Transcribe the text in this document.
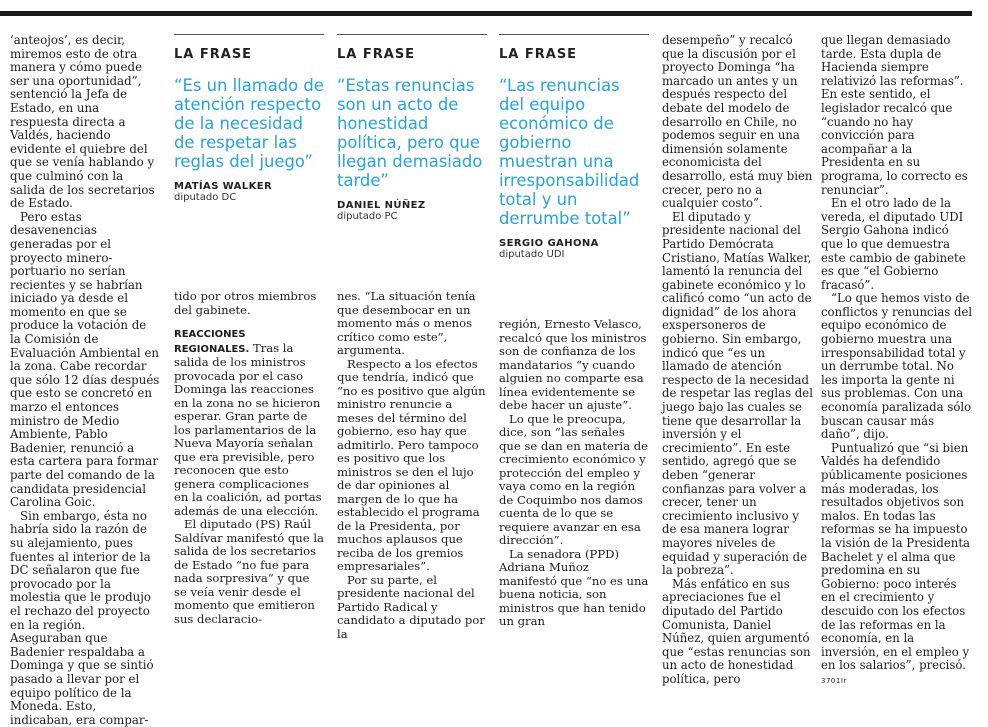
‘anteojos’, es decir, miremos esto de otra manera y cómo puede ser una oportunidad”, sentenció la Jefa de Estado, en una respuesta directa a Valdés, haciendo evidente el quiebre del que se venía hablando y que culminó con la salida de los secretarios de Estado.

Pero estas desavenencias generadas por el proyecto minero-portuario no serían recientes y se habrían iniciado ya desde el momento en que se produce la votación de la Comisión de Evaluación Ambiental en la zona. Cabe recordar que sólo 12 días después que esto se concretó en marzo el entonces ministro de Medio Ambiente, Pablo Badenier, renunció a esta cartera para formar parte del comando de la candidata presidencial Carolina Goic.

Sin embargo, ésta no habría sido la razón de su alejamiento, pues fuentes al interior de la DC señalaron que fue provocado por la molestia que le produjo el rechazo del proyecto en la región. Aseguraban que Badenier respaldaba a Dominga y que se sintió pasado a llevar por el equipo político de la Moneda. Esto, indicaban, era compar-

LA FRASE
“Es un llamado de atención respecto de la necesidad de respetar las reglas del juego”
MATÍAS WALKER
diputado DC
LA FRASE
“Estas renuncias son un acto de honestidad política, pero que llegan demasiado tarde”
DANIEL NÚÑEZ
diputado PC
LA FRASE
“Las renuncias del equipo económico de gobierno muestran una irresponsabilidad total y un derrumbe total”
SERGIO GAHONA
diputado UDI

tido por otros miembros del gabinete.

REACCIONES REGIONALES. Tras la salida de los ministros provocada por el caso Dominga las reacciones en la zona no se hicieron esperar. Gran parte de los parlamentarios de la Nueva Mayoría señalan que era previsible, pero reconocen que esto genera complicaciones en la coalición, ad portas además de una elección.

El diputado (PS) Raúl Saldívar manifestó que la salida de los secretarios de Estado “no fue para nada sorpresiva” y que se veía venir desde el momento que emitieron sus declaracio-

nes. “La situación tenía que desembocar en un momento más o menos crítico como este”, argumenta.

Respecto a los efectos que tendría, indicó que “no es positivo que algún ministro renuncie a meses del término del gobierno, eso hay que admitirlo. Pero tampoco es positivo que los ministros se den el lujo de dar opiniones al margen de lo que ha establecido el programa de la Presidenta, por muchos aplausos que reciba de los gremios empresariales”.

Por su parte, el presidente nacional del Partido Radical y candidato a diputado por la

región, Ernesto Velasco, recalcó que los ministros son de confianza de los mandatarios “y cuando alguien no comparte esa línea evidentemente se debe hacer un ajuste”.

Lo que le preocupa, dice, son “las señales que se dan en materia de crecimiento económico y protección del empleo y vaya como en la región de Coquimbo nos damos cuenta de lo que se requiere avanzar en esa dirección”.

La senadora (PPD) Adriana Muñoz manifestó que “no es una buena noticia, son ministros que han tenido un gran

desempeño” y recalcó que la discusión por el proyecto Dominga “ha marcado un antes y un después respecto del debate del modelo de desarrollo en Chile, no podemos seguir en una dimensión solamente economicista del desarrollo, está muy bien crecer, pero no a cualquier costo”.

El diputado y presidente nacional del Partido Demócrata Cristiano, Matías Walker, lamentó la renuncia del gabinete económico y lo calificó como “un acto de dignidad” de los ahora exspersoneros de gobierno. Sin embargo, indicó que “es un llamado de atención respecto de la necesidad de respetar las reglas del juego bajo las cuales se tiene que desarrollar la inversión y el crecimiento”. En este sentido, agregó que se deben “generar confianzas para volver a crecer, tener un crecimiento inclusivo y de esa manera lograr mayores niveles de equidad y superación de la pobreza”.

Más enfático en sus apreciaciones fue el diputado del Partido Comunista, Daniel Núñez, quien argumentó que “estas renuncias son un acto de honestidad política, pero

que llegan demasiado tarde. Esta dupla de Hacienda siempre relativizó las reformas”. En este sentido, el legislador recalcó que “cuando no hay convicción para acompañar a la Presidenta en su programa, lo correcto es renunciar”.

En el otro lado de la vereda, el diputado UDI Sergio Gahona indicó que lo que demuestra este cambio de gabinete es que “el Gobierno fracasó”.

“Lo que hemos visto de conflictos y renuncias del equipo económico de gobierno muestra una irresponsabilidad total y un derrumbe total. No les importa la gente ni sus problemas. Con una economía paralizada sólo buscan causar más daño”, dijo.

Puntualizó que “si bien Valdés ha defendido públicamente posiciones más moderadas, los resultados objetivos son malos. En todas las reformas se ha impuesto la visión de la Presidenta Bachelet y el alma que predomina en su Gobierno: poco interés en el crecimiento y descuido con los efectos de las reformas en la economía, en la inversión, en el empleo y en los salarios”, precisó. 3701Ir
